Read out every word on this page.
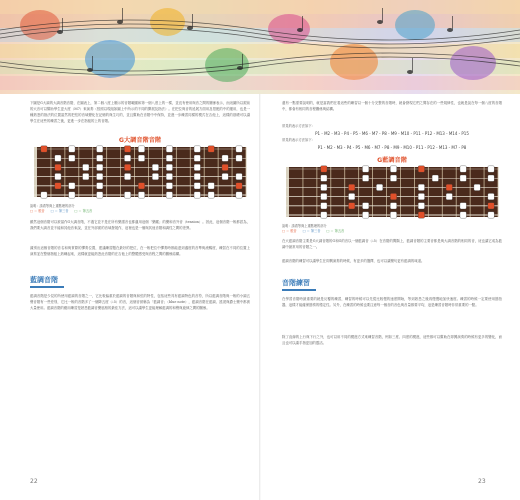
下圖是G大調的大調音階音階，在圖表上，第二個八度上顯示的音階範圍和第一個八度上的一樣，並沒有使用與音之間的關係表示，而這圖所以跟前的大音可以幫助學生更大度（M7）來演奏（按照以現組如圖上中所示的不同的開展及指法）。在把位與音的延展方面用及搭配的中的運用，也是一種熟悉的指法的位置當然的把弦的音域變化在記憶的與生巧的，並且幫助在音階中中保持，並進一步練習同樣的模式在吉他上，這樣的基礎可以讓學生在這些的練習之後，更進一步在指板的上的音階。

G大調音階音階
說明：請看等與上重點理的部分
□ ＝ 根音 □ ＝ 第三音 □ ＝ 第五音

雖然這個音階可以被當作G大調音階，不過它並不是在所有樂譜音也都適用這個「樂藏」的樂和音外音（tension）。因此，這個音階一般都認為，我們要大調音並不能和其他音來說，並在外部面的音域發展作，這裡也是一個與其他音階和調性之間的差異。

識別出這個音階的音名和與實際的彈奏位置，建議練習題在最好的把位，在一般把位中彈奏時都能達到適度的音準與流暢度，練習在不同的位置上演奏並在整個指板上熟練起來，這樣就更能熟悉此音階的在吉他上的整體感受與音程之間的關係結構。

藍調音階

藍調音階是少見的所使用藍調的音階之一，它比較偏重於藍調的音階與和弦的特性，包括這些具有藍調特色的音符，所以藍調音階與一般的小調五聲音階有一些差別，它比一般的音階多了一個降五度（♭5）的音，這個音被稱為「藍調音」（blue note），藍調音階在藍調、搖滾與爵士樂中都被大量使用。藍調音階的應用練習是熟悉藍調音樂風格的最佳方法，這可以讓學生更能理解藍調的和聲與旋律之間的關係。

還有一點需要說明的，就是當我們在看這些的練習以一個十分完整的音階時，就會發現它們之間存在的一些規律性，也就是說在每一個八度的音階中，都會有相同的音程關係與結構。

常見的表示方法如下：
P1 - M2 - M3 - P4 - P5 - M6 - M7 - P8 - M9 - M10 - P11 - P12 - M13 - M14 - P15
常見的表示方法如下：
P1 - M2 - M3 - P4 - P5 - M6 - M7 - P8 - M9 - M10 - P11 - P12 - M13 - M7 - P8
G藍調音階
說明：請看等與上重點理的部分
□ ＝ 根音 □ ＝ 第三音 □ ＝ 第五音

在大藍調音階主要是G大調音階的G和G的音以一個藍調音（♭5）在音階的間隔上，藍調音階的主要音都是與大調音階的相同的音，這也讓它成為藍調中最常用的音階之一。

藍調音階的練習可以讓學生在即興演奏的時候，有更多的選擇，也可以讓樂句更有藍調的味道。

音階練習

在學習音階時最重要的就是反覆的練習，練習的時候可以先從比較慢的速度開始，等到熟悉之後再慢慢地加快速度。練習的時候一定要使用節拍器，這樣才能確保節奏的穩定性。另外，在練習的時候也要注意每一個音的音色與音量都要平均，這是練習音階時非常重要的一點。

除了直線的上行與下行之外，也可以用不同的模進方式來練習音階，例如三度、四度的模進，這些都可以幫助在即興演奏的時候有更多的變化，而且也可以讓手指更加的靈活。

22	23
